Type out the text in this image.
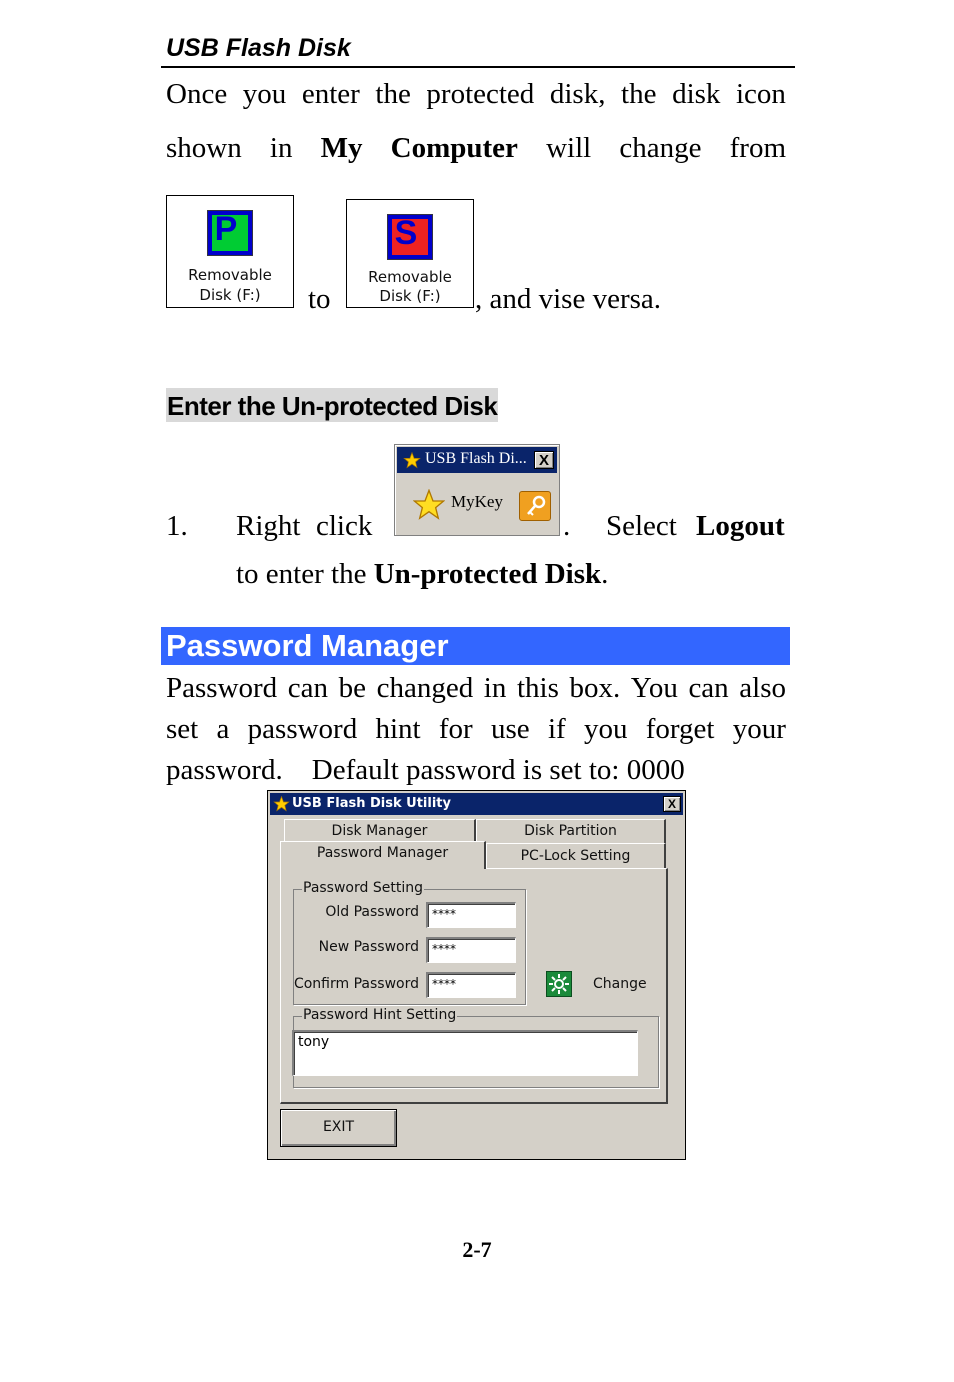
USB Flash Disk
Once you enter the protected disk, the disk icon
shown in My Computer will change from
P
Removable
Disk (F:)	to
S
Removable
Disk (F:)	, and vise versa.
Enter the Un-protected Disk
1. Right click
USB Flash Di... X
MyKey
. Select Logout
to enter the Un-protected Disk.
Password Manager
Password can be changed in this box. You can also
set a password hint for use if you forget your
password.    Default password is set to: 0000
USB Flash Disk Utility	X
Disk Manager	Disk Partition
Password Manager	PC-Lock Setting
Password Setting
Old Password	****
New Password	****
Confirm Password	****	Change
Password Hint Setting
tony
EXIT
2-7
